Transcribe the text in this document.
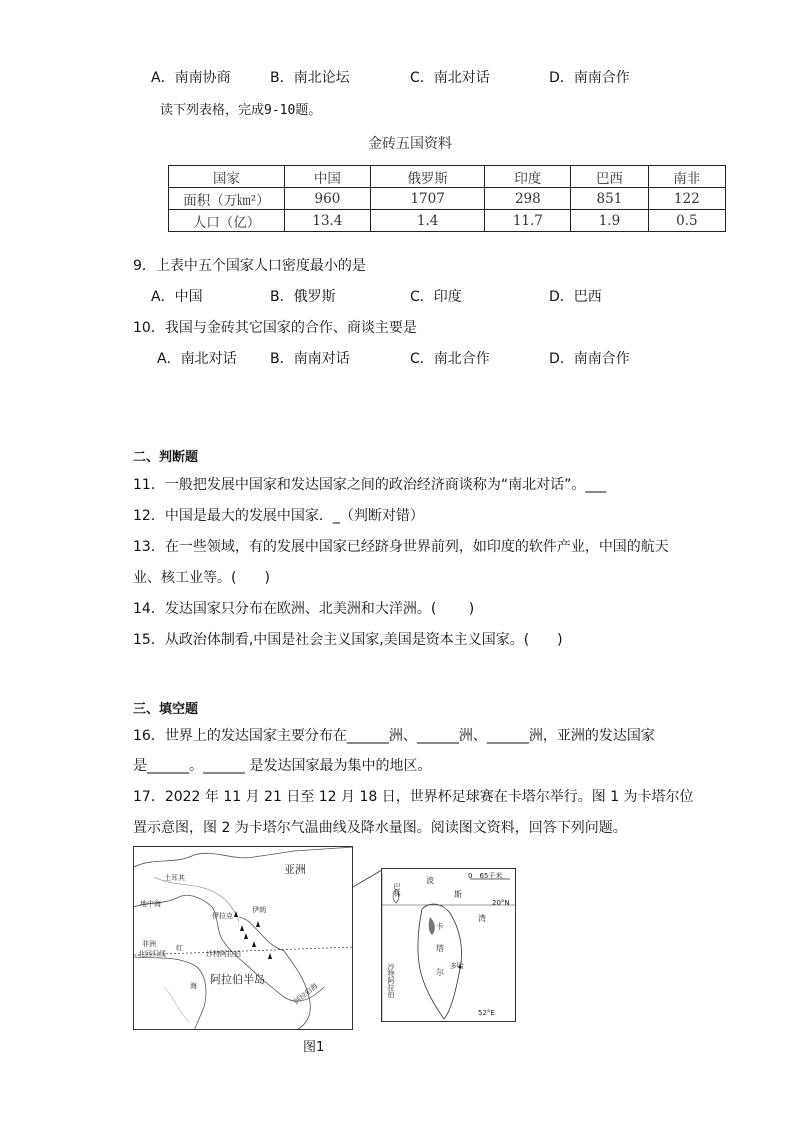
A．南南协商	B．南北论坛	C．南北对话	D．南南合作
读下列表格，完成9-10题。
金砖五国资料
国家	中国	俄罗斯	印度	巴西	南非
面积（万㎞²）	960	1707	298	851	122
人口（亿）	13.4	1.4	11.7	1.9	0.5
9．上表中五个国家人口密度最小的是
A．中国	B．俄罗斯	C．印度	D．巴西
10．我国与金砖其它国家的合作、商谈主要是
A．南北对话 B．南南对话	C．南北合作	D．南南合作
二、判断题
11．一般把发展中国家和发达国家之间的政治经济商谈称为“南北对话”。___
12．中国是最大的发展中国家．_（判断对错）
13．在一些领域，有的发展中国家已经跻身世界前列，如印度的软件产业，中国的航天
业、核工业等。(　　)
14．发达国家只分布在欧洲、北美洲和大洋洲。(　　 )
15．从政治体制看,中国是社会主义国家,美国是资本主义国家。(　　)
三、填空题
16．世界上的发达国家主要分布在______洲、______洲、______洲，亚洲的发达国家
是______。______ 是发达国家最为集中的地区。
17．2022 年 11 月 21 日至 12 月 18 日，世界杯足球赛在卡塔尔举行。图 1 为卡塔尔位
置示意图，图 2 为卡塔尔气温曲线及降水量图。阅读图文资料，回答下列问题。
亚洲
土耳其
地中海
伊拉克
伊朗
非洲
北回归线
红
沙特阿拉伯
阿拉伯半岛
海	阿拉伯海
波
斯
湾
0　65千米
巴林
20°N
卡
塔
尔
多哈
沙特阿拉伯
52°E
图1
